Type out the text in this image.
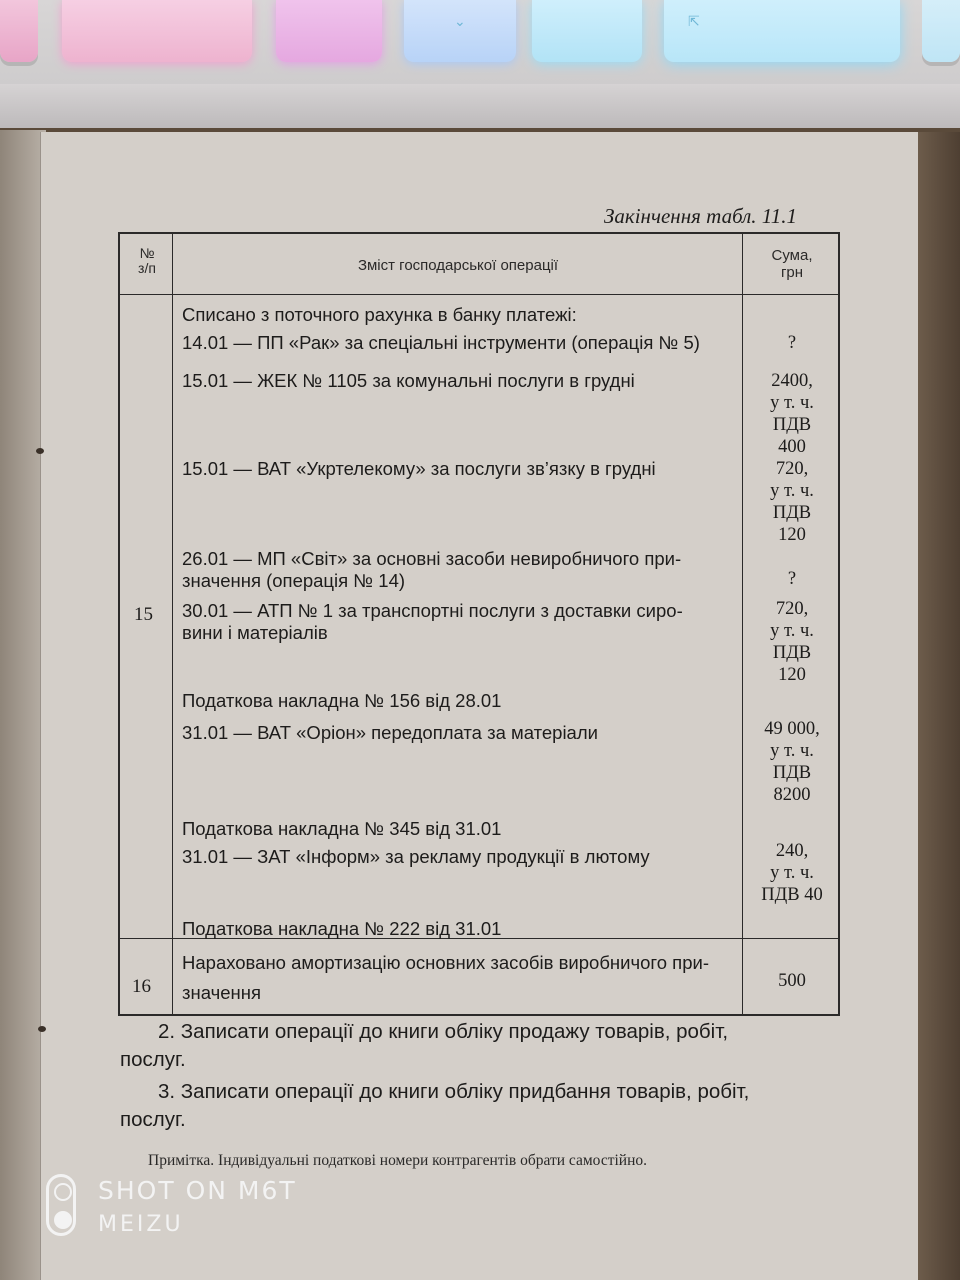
⌄	⇱
Закінчення табл. 11.1
№
з/п	Зміст господарської операції
Сума,
грн
15
Списано з поточного рахунка в банку платежі:
14.01 — ПП «Рак» за спеціальні інструменти (операція № 5)
15.01 — ЖЕК № 1105 за комунальні послуги в грудні
15.01 — ВАТ «Укртелекому» за послуги зв’язку в грудні
26.01 — МП «Світ» за основні засоби невиробничого при-
значення (операція № 14)
30.01 — АТП № 1 за транспортні послуги з доставки сиро-
вини і матеріалів
Податкова накладна № 156 від 28.01
31.01 — ВАТ «Оріон» передоплата за матеріали
Податкова накладна № 345 від 31.01
31.01 — ЗАТ «Інформ» за рекламу продукції в лютому
Податкова накладна № 222 від 31.01
?
2400,
у т. ч.
ПДВ
400
720,
у т. ч.
ПДВ
120
?
720,
у т. ч.
ПДВ
120
49 000,
у т. ч.
ПДВ
8200
240,
у т. ч.
ПДВ 40
16
Нараховано амортизацію основних засобів виробничого при-
значення
500
2. Записати операції до книги обліку продажу товарів, робіт,
послуг.
3. Записати операції до книги обліку придбання товарів, робіт,
послуг.
Примітка. Індивідуальні податкові номери контрагентів обрати самостійно.
SHOT ON M6T
MEIZU
